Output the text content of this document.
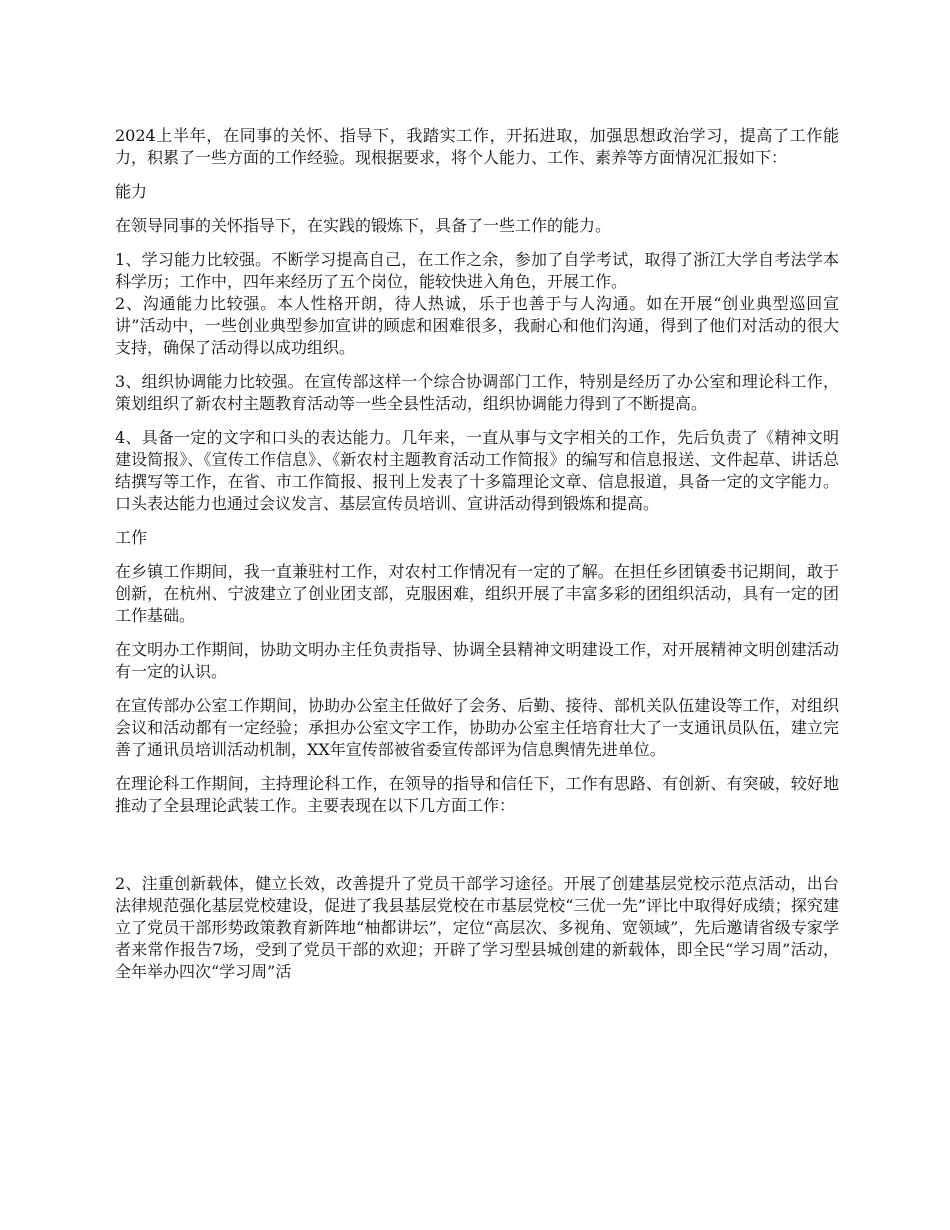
2024上半年，在同事的关怀、指导下，我踏实工作，开拓进取，加强思想政治学习，提高了工作能力，积累了一些方面的工作经验。现根据要求，将个人能力、工作、素养等方面情况汇报如下：

能力

在领导同事的关怀指导下，在实践的锻炼下，具备了一些工作的能力。

1、学习能力比较强。不断学习提高自己，在工作之余，参加了自学考试，取得了浙江大学自考法学本科学历；工作中，四年来经历了五个岗位，能较快进入角色，开展工作。

2、沟通能力比较强。本人性格开朗，待人热诚，乐于也善于与人沟通。如在开展“创业典型巡回宣讲”活动中，一些创业典型参加宣讲的顾虑和困难很多，我耐心和他们沟通，得到了他们对活动的很大支持，确保了活动得以成功组织。

3、组织协调能力比较强。在宣传部这样一个综合协调部门工作，特别是经历了办公室和理论科工作，策划组织了新农村主题教育活动等一些全县性活动，组织协调能力得到了不断提高。

4、具备一定的文字和口头的表达能力。几年来，一直从事与文字相关的工作，先后负责了《精神文明建设简报》、《宣传工作信息》、《新农村主题教育活动工作简报》的编写和信息报送、文件起草、讲话总结撰写等工作，在省、市工作简报、报刊上发表了十多篇理论文章、信息报道，具备一定的文字能力。口头表达能力也通过会议发言、基层宣传员培训、宣讲活动得到锻炼和提高。

工作

在乡镇工作期间，我一直兼驻村工作，对农村工作情况有一定的了解。在担任乡团镇委书记期间，敢于创新，在杭州、宁波建立了创业团支部，克服困难，组织开展了丰富多彩的团组织活动，具有一定的团工作基础。

在文明办工作期间，协助文明办主任负责指导、协调全县精神文明建设工作，对开展精神文明创建活动有一定的认识。

在宣传部办公室工作期间，协助办公室主任做好了会务、后勤、接待、部机关队伍建设等工作，对组织会议和活动都有一定经验；承担办公室文字工作，协助办公室主任培育壮大了一支通讯员队伍，建立完善了通讯员培训活动机制，XX年宣传部被省委宣传部评为信息舆情先进单位。

在理论科工作期间，主持理论科工作，在领导的指导和信任下，工作有思路、有创新、有突破，较好地推动了全县理论武装工作。主要表现在以下几方面工作：

2、注重创新载体，健立长效，改善提升了党员干部学习途径。开展了创建基层党校示范点活动，出台法律规范强化基层党校建设，促进了我县基层党校在市基层党校“三优一先”评比中取得好成绩；探究建立了党员干部形势政策教育新阵地“柚都讲坛”，定位“高层次、多视角、宽领域”，先后邀请省级专家学者来常作报告7场，受到了党员干部的欢迎；开辟了学习型县城创建的新载体，即全民“学习周”活动，全年举办四次“学习周”活
